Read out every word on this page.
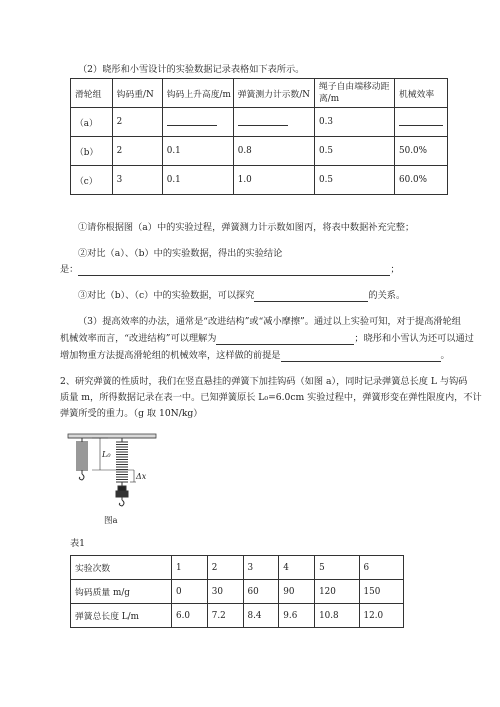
（2）晓彤和小雪设计的实验数据记录表格如下表所示。
滑轮组	钩码重/N	钩码上升高度/m	弹簧测力计示数/N	绳子自由端移动距离/m	机械效率
（a）	2			0.3	
（b）	2	0.1	0.8	0.5	50.0%
（c）	3	0.1	1.0	0.5	60.0%
①请你根据图（a）中的实验过程，弹簧测力计示数如图丙，将表中数据补充完整；
②对比（a）、（b）中的实验数据，得出的实验结论
是：	；
③对比（b）、（c）中的实验数据，可以探究	的关系。
（3）提高效率的办法，通常是“改进结构”或“减小摩擦”。通过以上实验可知，对于提高滑轮组
机械效率而言，“改进结构”可以理解为	；晓彤和小雪认为还可以通过
增加物重方法提高滑轮组的机械效率，这样做的前提是	。
2、研究弹簧的性质时，我们在竖直悬挂的弹簧下加挂钩码（如图 a），同时记录弹簧总长度 L 与钩码
质量 m，所得数据记录在表一中。已知弹簧原长 L₀=6.0cm 实验过程中，弹簧形变在弹性限度内，不计
弹簧所受的重力。（g 取 10N/kg）
L₀
Δx
图a
表1
实验次数	1	2	3	4	5	6
钩码质量 m/g	0	30	60	90	120	150
弹簧总长度 L/m	6.0	7.2	8.4	9.6	10.8	12.0
